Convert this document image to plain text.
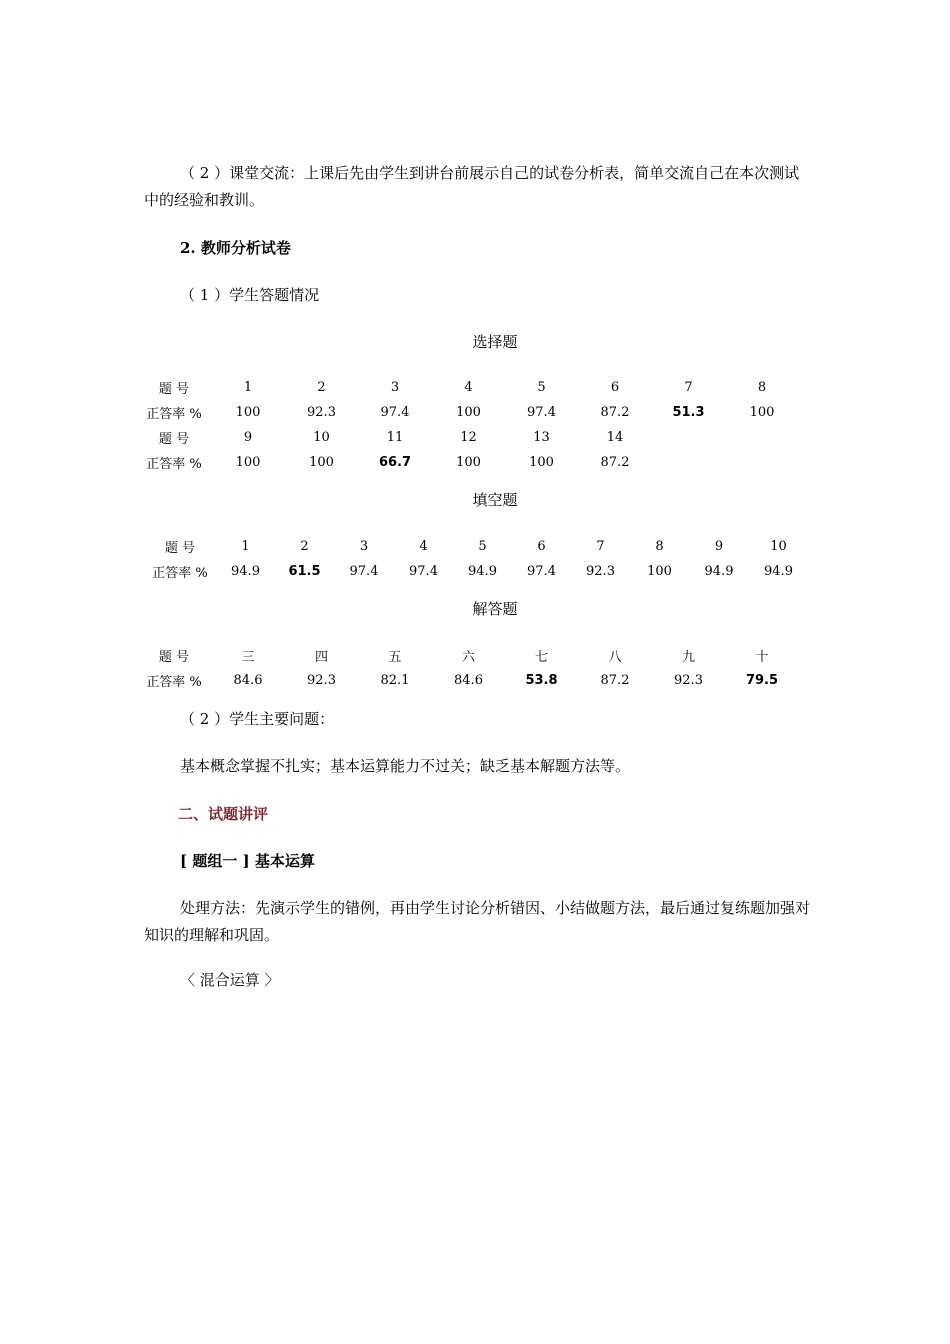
（ 2 ）课堂交流：上课后先由学生到讲台前展示自己的试卷分析表，简单交流自己在本次测试中的经验和教训。
2. 教师分析试卷
（ 1 ）学生答题情况
选择题
题 号	1	2	3	4	5	6	7	8
正答率 %	100	92.3	97.4	100	97.4	87.2	51.3	100
题 号	9	10	11	12	13	14		
正答率 %	100	100	66.7	100	100	87.2		
填空题
题 号	1	2	3	4	5	6	7	8	9	10
正答率 %	94.9	61.5	97.4	97.4	94.9	97.4	92.3	100	94.9	94.9
解答题
题 号	三	四	五	六	七	八	九	十
正答率 %	84.6	92.3	82.1	84.6	53.8	87.2	92.3	79.5
（ 2 ）学生主要问题：
基本概念掌握不扎实；基本运算能力不过关；缺乏基本解题方法等。
二、试题讲评
[ 题组一 ] 基本运算
处理方法：先演示学生的错例，再由学生讨论分析错因、小结做题方法，最后通过复练题加强对知识的理解和巩固。
〈 混合运算 〉
